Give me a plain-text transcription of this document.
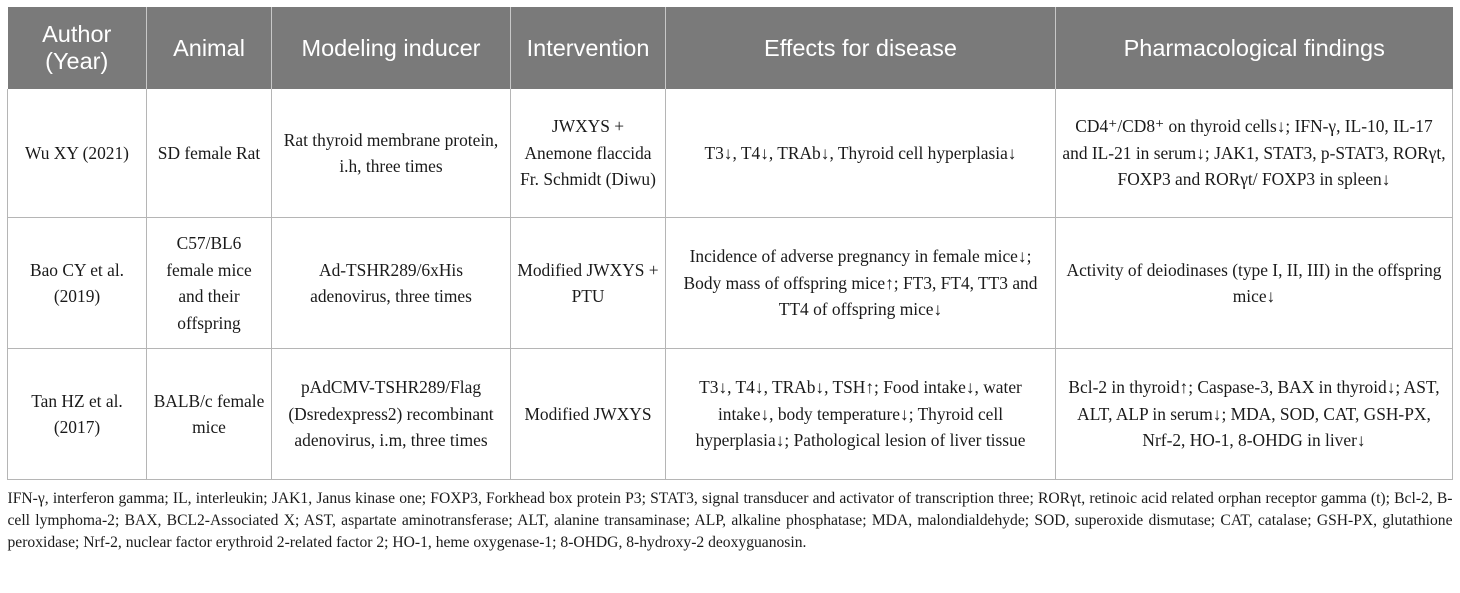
Author (Year)	Animal	Modeling inducer	Intervention	Effects for disease	Pharmacological findings
Wu XY (2021)	SD female Rat	Rat thyroid membrane protein, i.h, three times	JWXYS + Anemone flaccida Fr. Schmidt (Diwu)	T3↓, T4↓, TRAb↓, Thyroid cell hyperplasia↓	CD4⁺/CD8⁺ on thyroid cells↓; IFN-γ, IL-10, IL-17 and IL-21 in serum↓; JAK1, STAT3, p-STAT3, RORγt, FOXP3 and RORγt/ FOXP3 in spleen↓
Bao CY et al. (2019)	C57/BL6 female mice and their offspring	Ad-TSHR289/6xHis adenovirus, three times	Modified JWXYS + PTU	Incidence of adverse pregnancy in female mice↓; Body mass of offspring mice↑; FT3, FT4, TT3 and TT4 of offspring mice↓	Activity of deiodinases (type I, II, III) in the offspring mice↓
Tan HZ et al. (2017)	BALB/c female mice	pAdCMV-TSHR289/Flag (Dsredexpress2) recombinant adenovirus, i.m, three times	Modified JWXYS	T3↓, T4↓, TRAb↓, TSH↑; Food intake↓, water intake↓, body temperature↓; Thyroid cell hyperplasia↓; Pathological lesion of liver tissue	Bcl-2 in thyroid↑; Caspase-3, BAX in thyroid↓; AST, ALT, ALP in serum↓; MDA, SOD, CAT, GSH-PX, Nrf-2, HO-1, 8-OHDG in liver↓
IFN-γ, interferon gamma; IL, interleukin; JAK1, Janus kinase one; FOXP3, Forkhead box protein P3; STAT3, signal transducer and activator of transcription three; RORγt, retinoic acid related orphan receptor gamma (t); Bcl-2, B-cell lymphoma-2; BAX, BCL2-Associated X; AST, aspartate aminotransferase; ALT, alanine transaminase; ALP, alkaline phosphatase; MDA, malondialdehyde; SOD, superoxide dismutase; CAT, catalase; GSH-PX, glutathione peroxidase; Nrf-2, nuclear factor erythroid 2-related factor 2; HO-1, heme oxygenase-1; 8-OHDG, 8-hydroxy-2 deoxyguanosin.					
